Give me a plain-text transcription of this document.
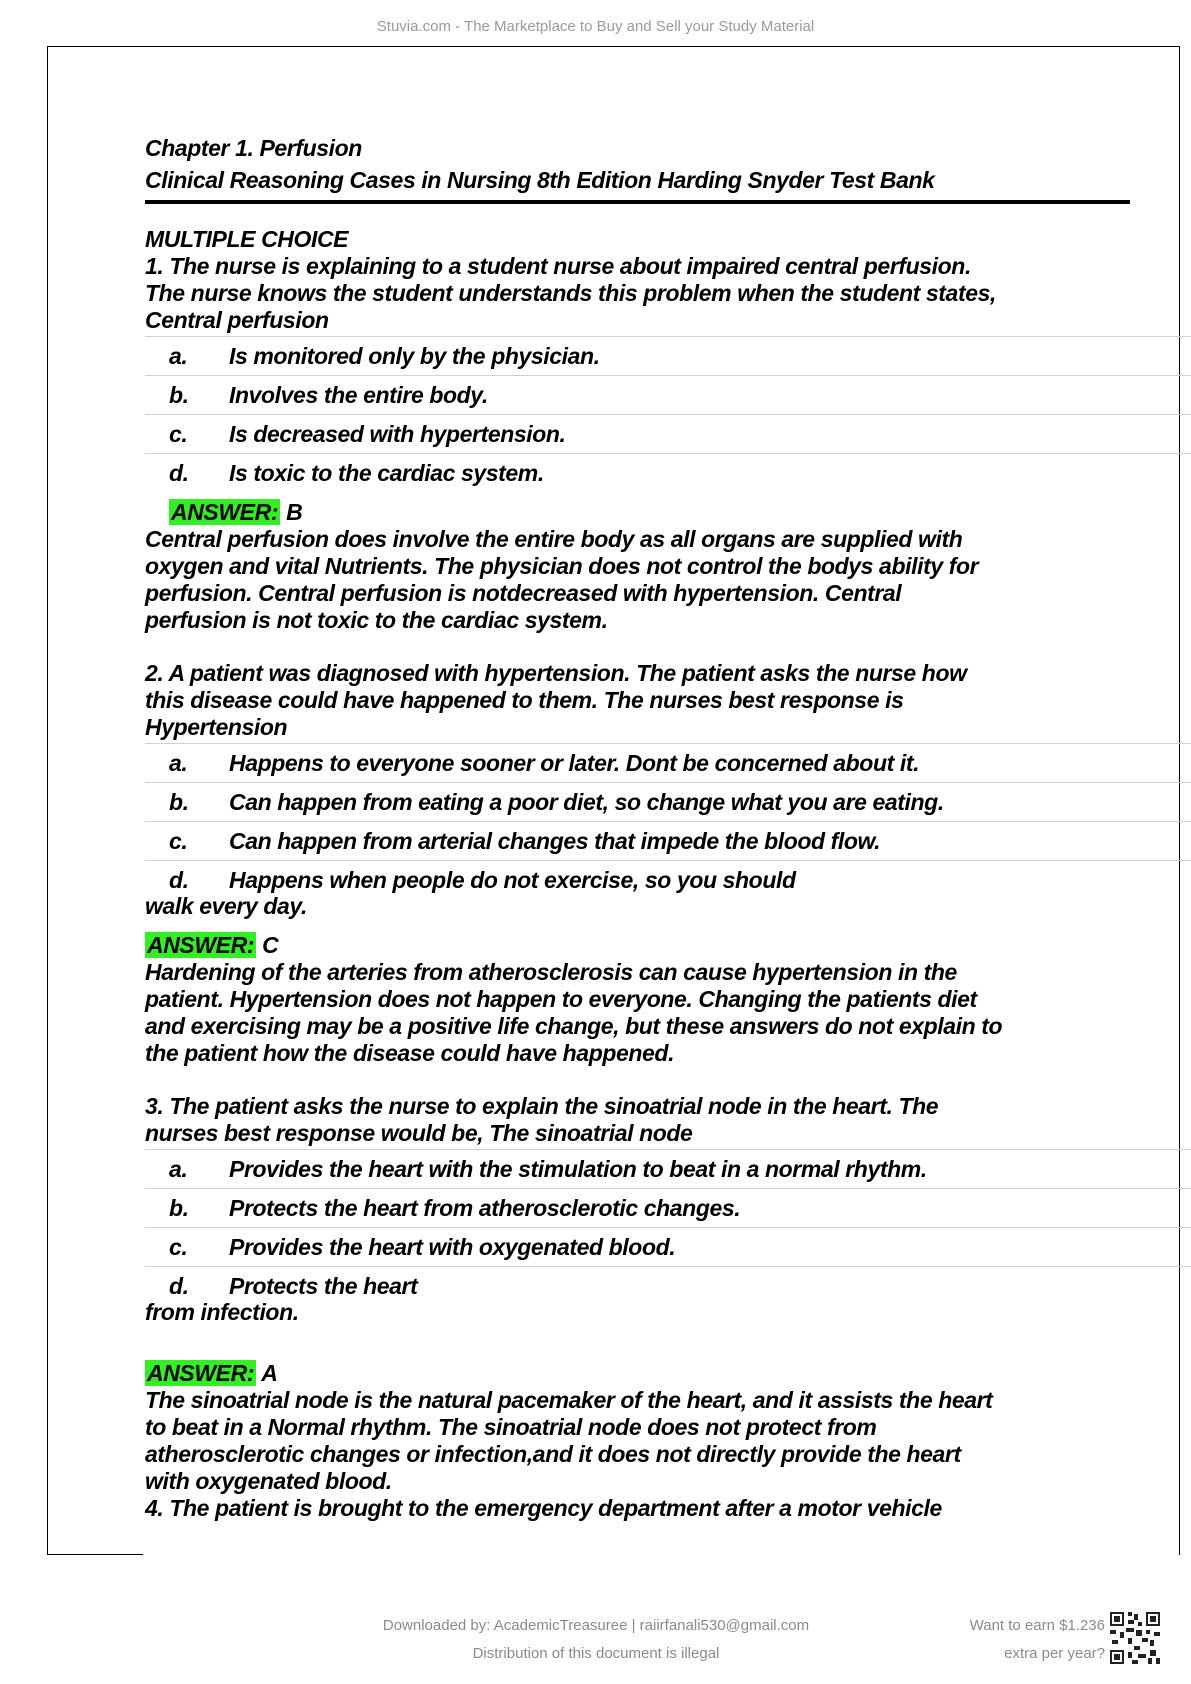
Stuvia.com - The Marketplace to Buy and Sell your Study Material
Chapter 1. Perfusion
Clinical Reasoning Cases in Nursing 8th Edition Harding Snyder Test Bank
MULTIPLE CHOICE
1. The nurse is explaining to a student nurse about impaired central perfusion.
The nurse knows the student understands this problem when the student states,
Central perfusion
a.	Is monitored only by the physician.
b.	Involves the entire body.
c.	Is decreased with hypertension.
d.	Is toxic to the cardiac system.
ANSWER: B
Central perfusion does involve the entire body as all organs are supplied with
oxygen and vital Nutrients. The physician does not control the bodys ability for
perfusion. Central perfusion is notdecreased with hypertension. Central
perfusion is not toxic to the cardiac system.
2. A patient was diagnosed with hypertension. The patient asks the nurse how
this disease could have happened to them. The nurses best response is
Hypertension
a.	Happens to everyone sooner or later. Dont be concerned about it.
b.	Can happen from eating a poor diet, so change what you are eating.
c.	Can happen from arterial changes that impede the blood flow.
d.	Happens when people do not exercise, so you should
walk every day.
ANSWER: C
Hardening of the arteries from atherosclerosis can cause hypertension in the
patient. Hypertension does not happen to everyone. Changing the patients diet
and exercising may be a positive life change, but these answers do not explain to
the patient how the disease could have happened.
3. The patient asks the nurse to explain the sinoatrial node in the heart. The
nurses best response would be, The sinoatrial node
a.	Provides the heart with the stimulation to beat in a normal rhythm.
b.	Protects the heart from atherosclerotic changes.
c.	Provides the heart with oxygenated blood.
d.	Protects the heart
from infection.
ANSWER: A
The sinoatrial node is the natural pacemaker of the heart, and it assists the heart
to beat in a Normal rhythm. The sinoatrial node does not protect from
atherosclerotic changes or infection,and it does not directly provide the heart
with oxygenated blood.
4. The patient is brought to the emergency department after a motor vehicle
Downloaded by: AcademicTreasuree | raiirfanali530@gmail.com
Distribution of this document is illegal
Want to earn $1.236
extra per year?
